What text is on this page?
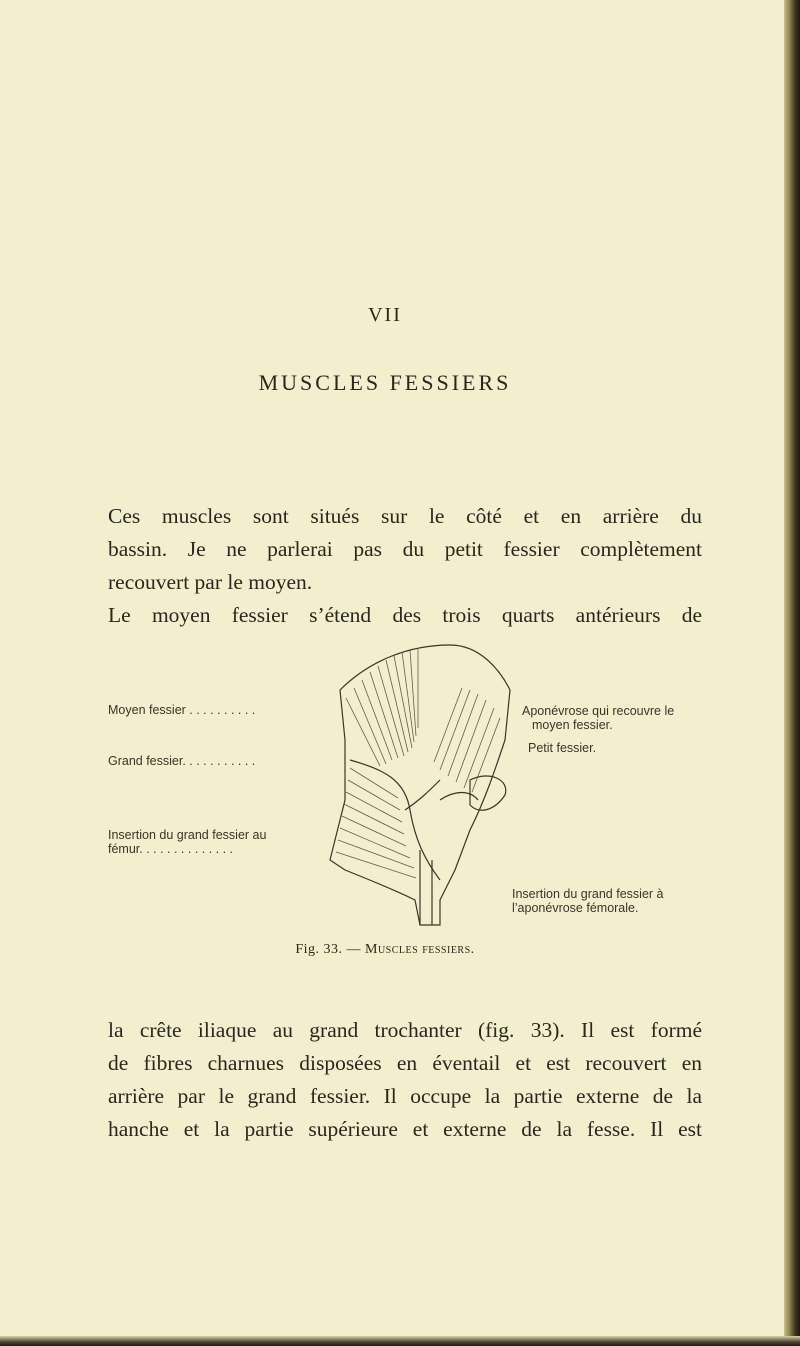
VII
MUSCLES FESSIERS
Ces muscles sont situés sur le côté et en arrière du
bassin. Je ne parlerai pas du petit fessier complètement
recouvert par le moyen.
Le moyen fessier s’étend des trois quarts antérieurs de
Moyen fessier . . . . . . . . . .
Grand fessier. . . . . . . . . . .
Insertion du grand fessier au
fémur. . . . . . . . . . . . . .
Aponévrose qui recouvre le
moyen fessier.
Petit fessier.
Insertion du grand fessier à
l’aponévrose fémorale.
Fig. 33. — Muscles fessiers.
la crête iliaque au grand trochanter (fig. 33). Il est formé
de fibres charnues disposées en éventail et est recouvert en
arrière par le grand fessier. Il occupe la partie externe de la
hanche et la partie supérieure et externe de la fesse. Il est
